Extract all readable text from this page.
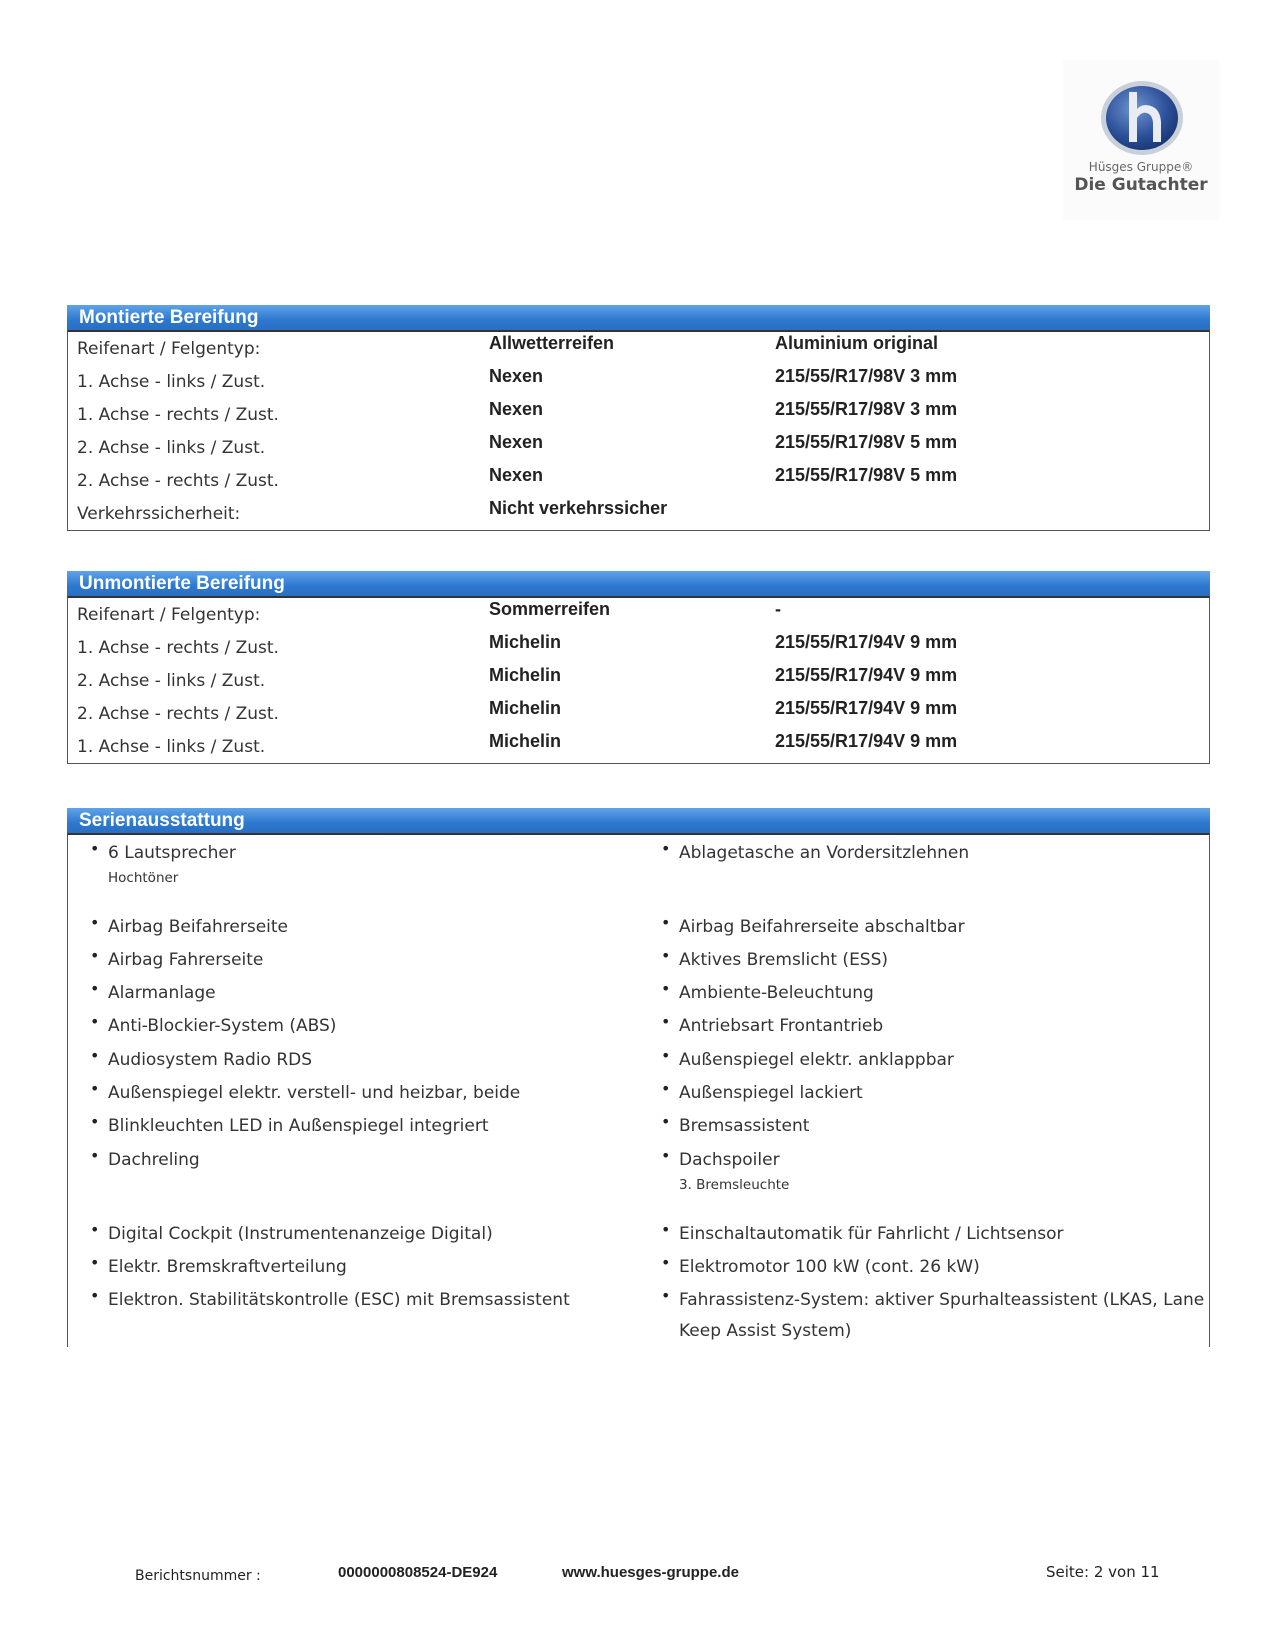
Hüsges Gruppe®
Die Gutachter
Montierte Bereifung
Reifenart / Felgentyp:	Allwetterreifen	Aluminium original
1. Achse - links / Zust.	Nexen	215/55/R17/98V 3 mm
1. Achse - rechts / Zust.	Nexen	215/55/R17/98V 3 mm
2. Achse - links / Zust.	Nexen	215/55/R17/98V 5 mm
2. Achse - rechts / Zust.	Nexen	215/55/R17/98V 5 mm
Verkehrssicherheit:	Nicht verkehrssicher
Unmontierte Bereifung
Reifenart / Felgentyp:	Sommerreifen	-
1. Achse - rechts / Zust.	Michelin	215/55/R17/94V 9 mm
2. Achse - links / Zust.	Michelin	215/55/R17/94V 9 mm
2. Achse - rechts / Zust.	Michelin	215/55/R17/94V 9 mm
1. Achse - links / Zust.	Michelin	215/55/R17/94V 9 mm
Serienausstattung
• 6 Lautsprecher
Hochtöner
• Ablagetasche an Vordersitzlehnen
• Airbag Beifahrerseite	• Airbag Beifahrerseite abschaltbar
• Airbag Fahrerseite	• Aktives Bremslicht (ESS)
• Alarmanlage	• Ambiente-Beleuchtung
• Anti-Blockier-System (ABS)	• Antriebsart Frontantrieb
• Audiosystem Radio RDS	• Außenspiegel elektr. anklappbar
• Außenspiegel elektr. verstell- und heizbar, beide	• Außenspiegel lackiert
• Blinkleuchten LED in Außenspiegel integriert	• Bremsassistent
• Dachreling	• Dachspoiler
3. Bremsleuchte
• Digital Cockpit (Instrumentenanzeige Digital)	• Einschaltautomatik für Fahrlicht / Lichtsensor
• Elektr. Bremskraftverteilung	• Elektromotor 100 kW (cont. 26 kW)
• Elektron. Stabilitätskontrolle (ESC) mit Bremsassistent	• Fahrassistenz-System: aktiver Spurhalteassistent (LKAS, Lane
Keep Assist System)
Berichtsnummer :	0000000808524-DE924	www.huesges-gruppe.de	Seite: 2 von 11
